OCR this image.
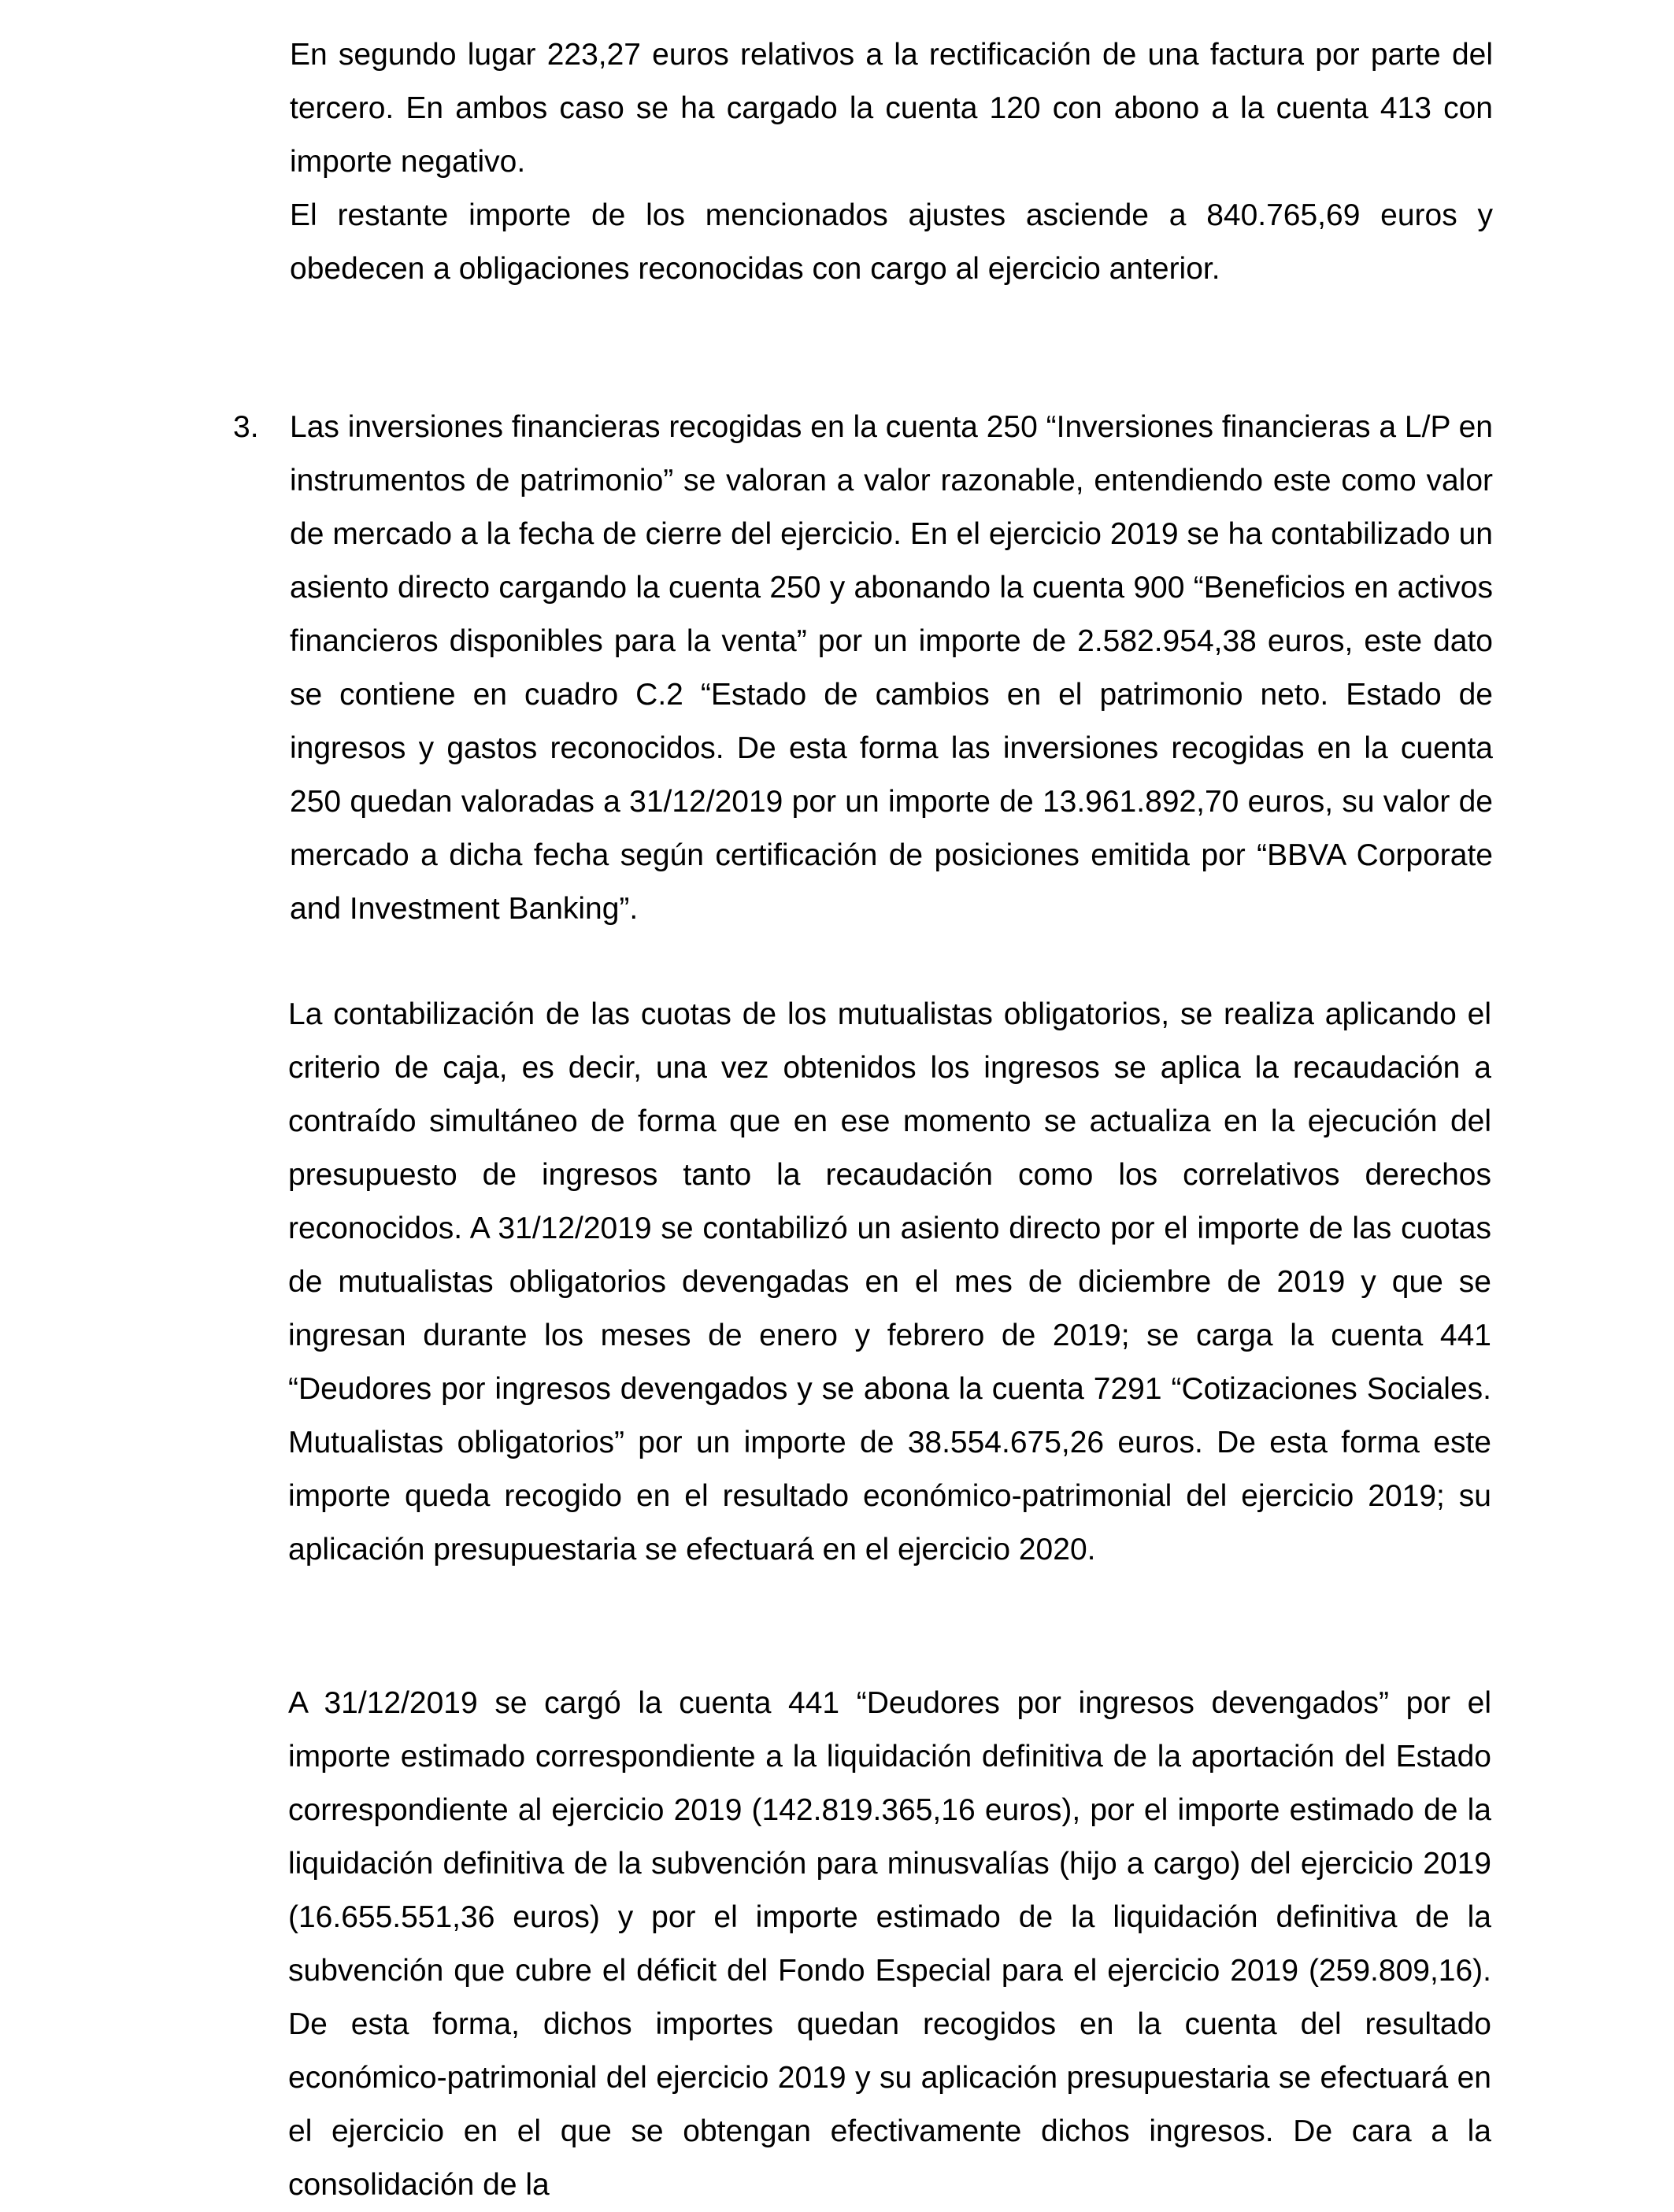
En segundo lugar 223,27 euros relativos a la rectificación de una factura por parte del tercero. En ambos caso se ha cargado la cuenta 120 con abono a la cuenta 413 con importe negativo.

El restante importe de los mencionados ajustes asciende a 840.765,69 euros y obedecen a obligaciones reconocidas con cargo al ejercicio anterior.

3. Las inversiones financieras recogidas en la cuenta 250 “Inversiones financieras a L/P en instrumentos de patrimonio” se valoran a valor razonable, entendiendo este como valor de mercado a la fecha de cierre del ejercicio. En el ejercicio 2019 se ha contabilizado un asiento directo cargando la cuenta 250 y abonando la cuenta 900 “Beneficios en activos financieros disponibles para la venta” por un importe de 2.582.954,38 euros, este dato se contiene en cuadro C.2 “Estado de cambios en el patrimonio neto. Estado de ingresos y gastos reconocidos. De esta forma las inversiones recogidas en la cuenta 250 quedan valoradas a 31/12/2019 por un importe de 13.961.892,70 euros, su valor de mercado a dicha fecha según certificación de posiciones emitida por “BBVA Corporate and Investment Banking”.

La contabilización de las cuotas de los mutualistas obligatorios, se realiza aplicando el criterio de caja, es decir, una vez obtenidos los ingresos se aplica la recaudación a contraído simultáneo de forma que en ese momento se actualiza en la ejecución del presupuesto de ingresos tanto la recaudación como los correlativos derechos reconocidos. A 31/12/2019 se contabilizó un asiento directo por el importe de las cuotas de mutualistas obligatorios devengadas en el mes de diciembre de 2019 y que se ingresan durante los meses de enero y febrero de 2019; se carga la cuenta 441 “Deudores por ingresos devengados y se abona la cuenta 7291 “Cotizaciones Sociales. Mutualistas obligatorios” por un importe de 38.554.675,26 euros. De esta forma este importe queda recogido en el resultado económico-patrimonial del ejercicio 2019; su aplicación presupuestaria se efectuará en el ejercicio 2020.

A 31/12/2019 se cargó la cuenta 441 “Deudores por ingresos devengados” por el importe estimado correspondiente a la liquidación definitiva de la aportación del Estado correspondiente al ejercicio 2019 (142.819.365,16 euros), por el importe estimado de la liquidación definitiva de la subvención para minusvalías (hijo a cargo) del ejercicio 2019 (16.655.551,36 euros) y por el importe estimado de la liquidación definitiva de la subvención que cubre el déficit del Fondo Especial para el ejercicio 2019 (259.809,16). De esta forma, dichos importes quedan recogidos en la cuenta del resultado económico-patrimonial del ejercicio 2019 y su aplicación presupuestaria se efectuará en el ejercicio en el que se obtengan efectivamente dichos ingresos. De cara a la consolidación de la
